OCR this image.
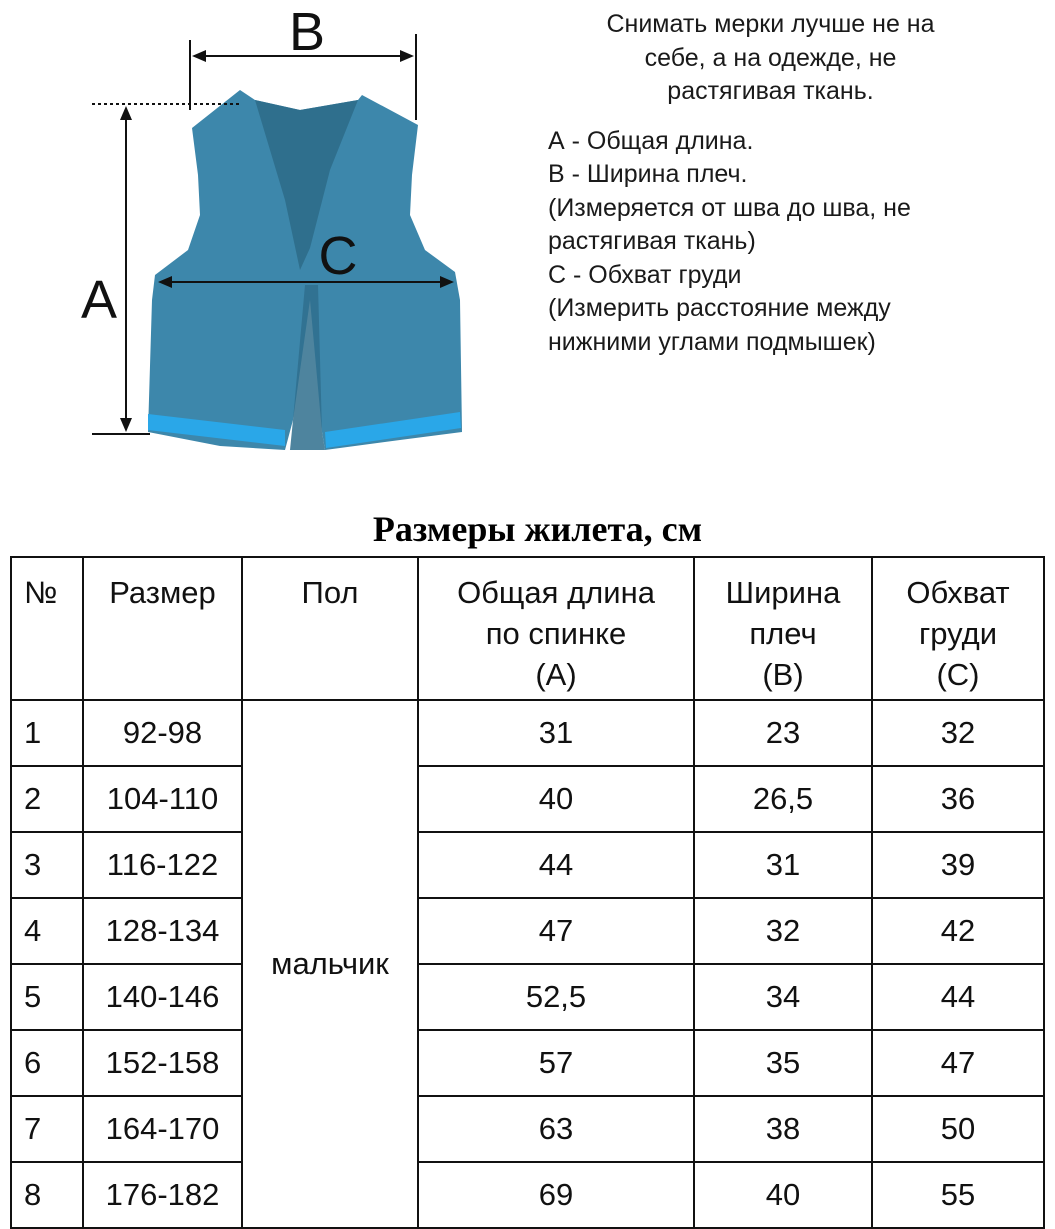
B
A
C
Снимать мерки лучше не на
себе, а на одежде, не
растягивая ткань.
А - Общая длина.
В - Ширина плеч.
(Измеряется от шва до шва, не
растягивая ткань)
С - Обхват груди
(Измерить расстояние между
нижними углами подмышек)
Размеры жилета, см
№	Размер	Пол	Общая длина
по спинке
(А)	Ширина
плеч
(В)	Обхват
груди
(С)

1	92-98	мальчик	31	23	32
2	104-110		40	26,5	36
3	116-122		44	31	39
4	128-134		47	32	42
5	140-146		52,5	34	44
6	152-158		57	35	47
7	164-170		63	38	50
8	176-182		69	40	55
